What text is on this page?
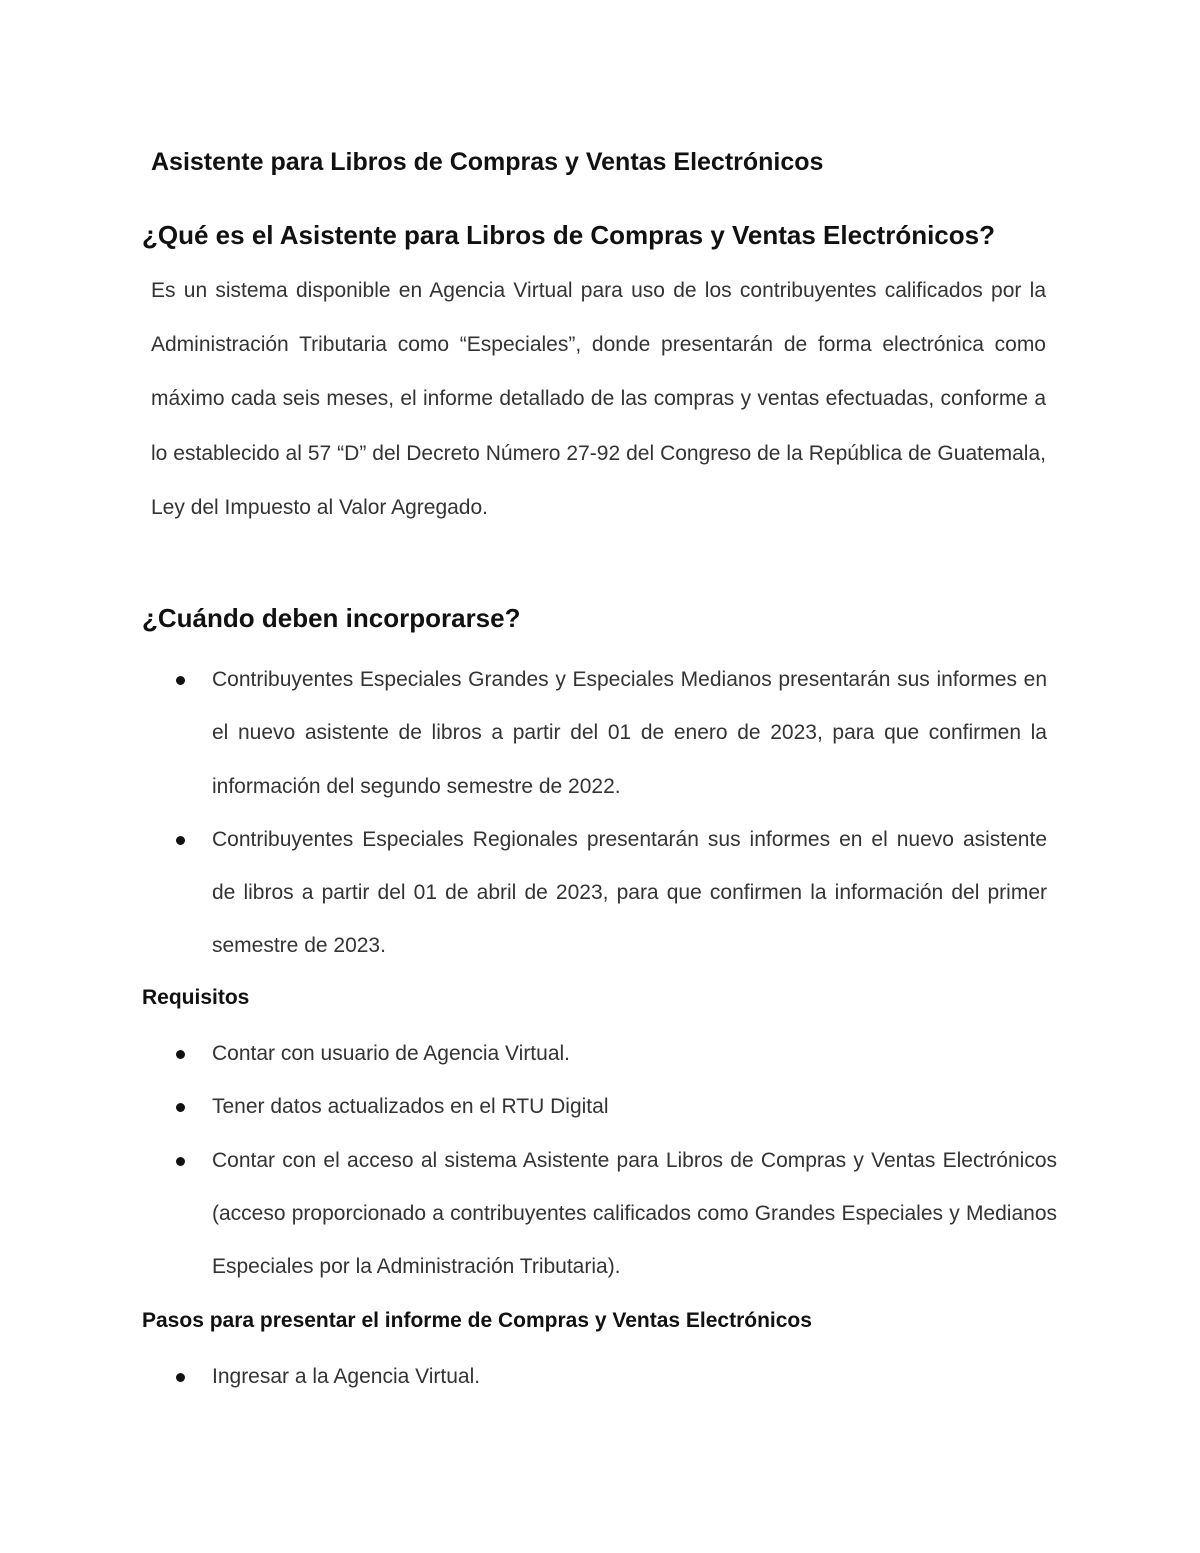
Asistente para Libros de Compras y Ventas Electrónicos
¿Qué es el Asistente para Libros de Compras y Ventas Electrónicos?

Es un sistema disponible en Agencia Virtual para uso de los contribuyentes calificados por la Administración Tributaria como “Especiales”, donde presentarán de forma electrónica como máximo cada seis meses, el informe detallado de las compras y ventas efectuadas, conforme a lo establecido al 57 “D” del Decreto Número 27-92 del Congreso de la República de Guatemala, Ley del Impuesto al Valor Agregado.

¿Cuándo deben incorporarse?
Contribuyentes Especiales Grandes y Especiales Medianos presentarán sus informes en el nuevo asistente de libros a partir del 01 de enero de 2023, para que confirmen la información del segundo semestre de 2022.
Contribuyentes Especiales Regionales presentarán sus informes en el nuevo asistente de libros a partir del 01 de abril de 2023, para que confirmen la información del primer semestre de 2023.
Requisitos
Contar con usuario de Agencia Virtual.
Tener datos actualizados en el RTU Digital
Contar con el acceso al sistema Asistente para Libros de Compras y Ventas Electrónicos (acceso proporcionado a contribuyentes calificados como Grandes Especiales y Medianos Especiales por la Administración Tributaria).
Pasos para presentar el informe de Compras y Ventas Electrónicos
Ingresar a la Agencia Virtual.
